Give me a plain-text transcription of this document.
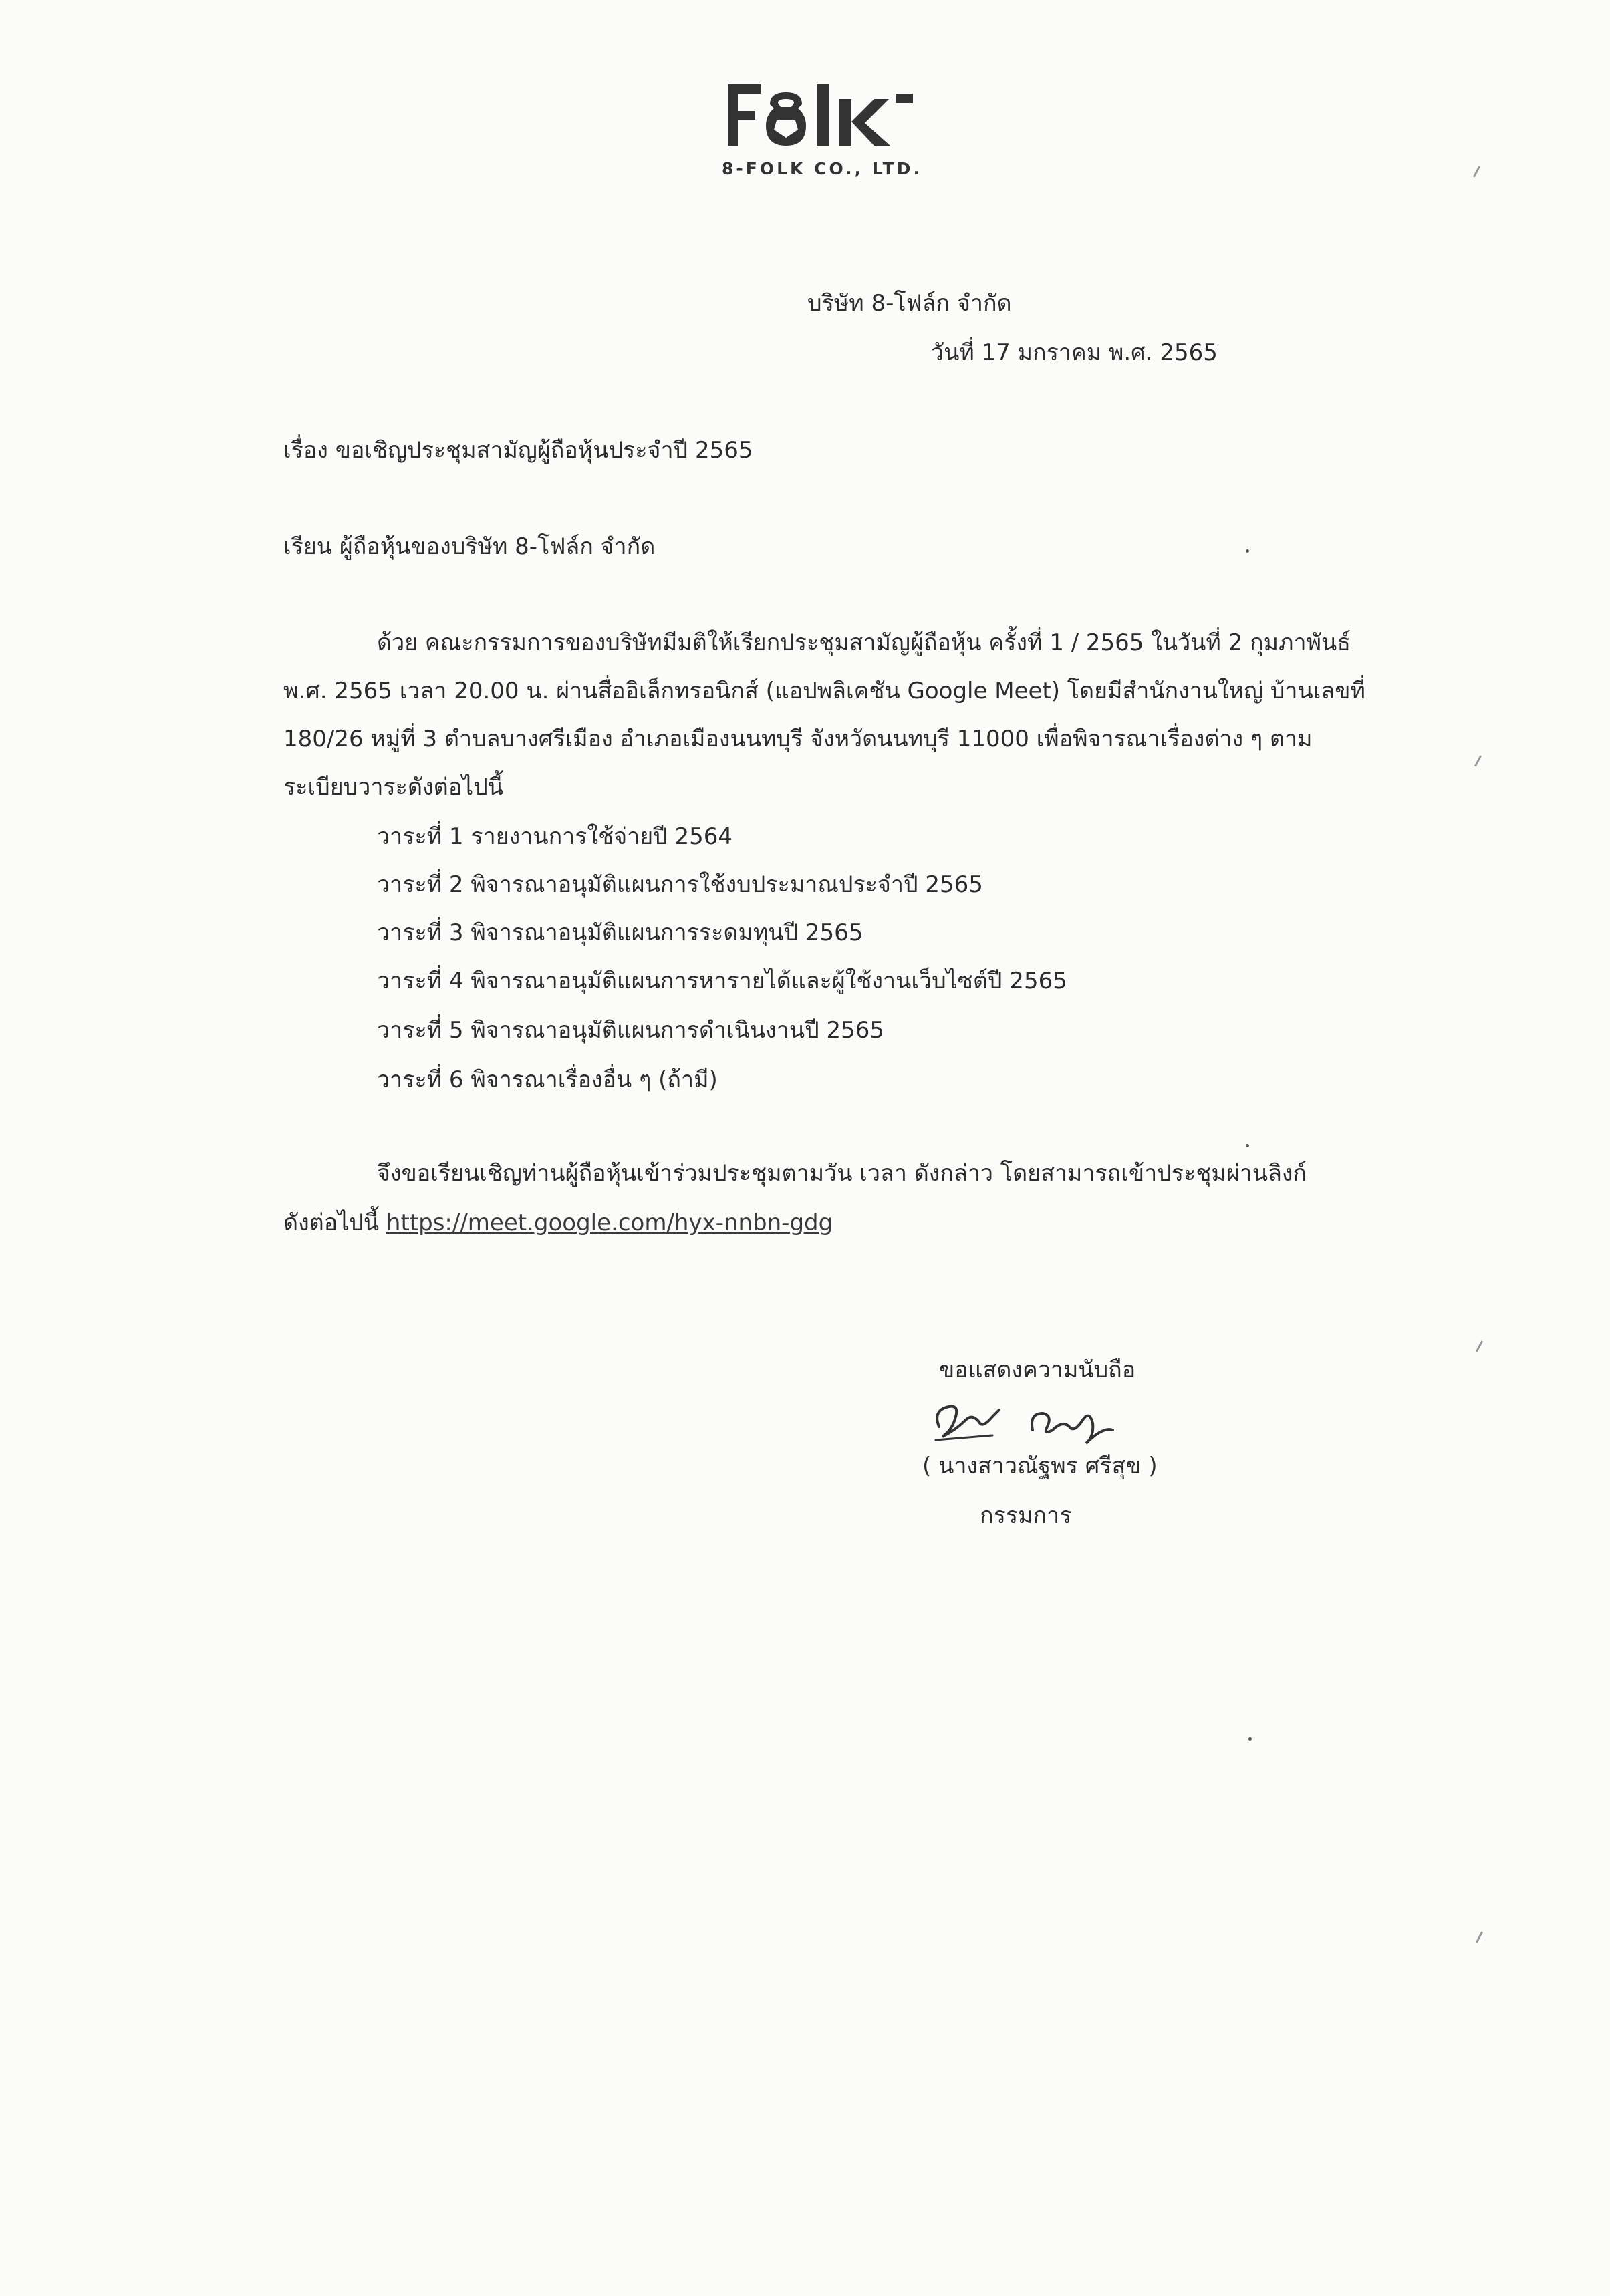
8-FOLK CO., LTD.
บริษัท 8-โฟล์ก จำกัด
วันที่ 17 มกราคม พ.ศ. 2565
เรื่อง ขอเชิญประชุมสามัญผู้ถือหุ้นประจำปี 2565
เรียน ผู้ถือหุ้นของบริษัท 8-โฟล์ก จำกัด
ด้วย คณะกรรมการของบริษัทมีมติให้เรียกประชุมสามัญผู้ถือหุ้น ครั้งที่ 1 / 2565 ในวันที่ 2 กุมภาพันธ์
พ.ศ. 2565 เวลา 20.00 น. ผ่านสื่ออิเล็กทรอนิกส์ (แอปพลิเคชัน Google Meet) โดยมีสำนักงานใหญ่ บ้านเลขที่
180/26 หมู่ที่ 3 ตำบลบางศรีเมือง อำเภอเมืองนนทบุรี จังหวัดนนทบุรี 11000 เพื่อพิจารณาเรื่องต่าง ๆ ตาม
ระเบียบวาระดังต่อไปนี้
วาระที่ 1 รายงานการใช้จ่ายปี 2564
วาระที่ 2 พิจารณาอนุมัติแผนการใช้งบประมาณประจำปี 2565
วาระที่ 3 พิจารณาอนุมัติแผนการระดมทุนปี 2565
วาระที่ 4 พิจารณาอนุมัติแผนการหารายได้และผู้ใช้งานเว็บไซต์ปี 2565
วาระที่ 5 พิจารณาอนุมัติแผนการดำเนินงานปี 2565
วาระที่ 6 พิจารณาเรื่องอื่น ๆ (ถ้ามี)
จึงขอเรียนเชิญท่านผู้ถือหุ้นเข้าร่วมประชุมตามวัน เวลา ดังกล่าว โดยสามารถเข้าประชุมผ่านลิงก์
ดังต่อไปนี้ https://meet.google.com/hyx-nnbn-gdg
ขอแสดงความนับถือ
( นางสาวณัฐพร ศรีสุข )
กรรมการ
